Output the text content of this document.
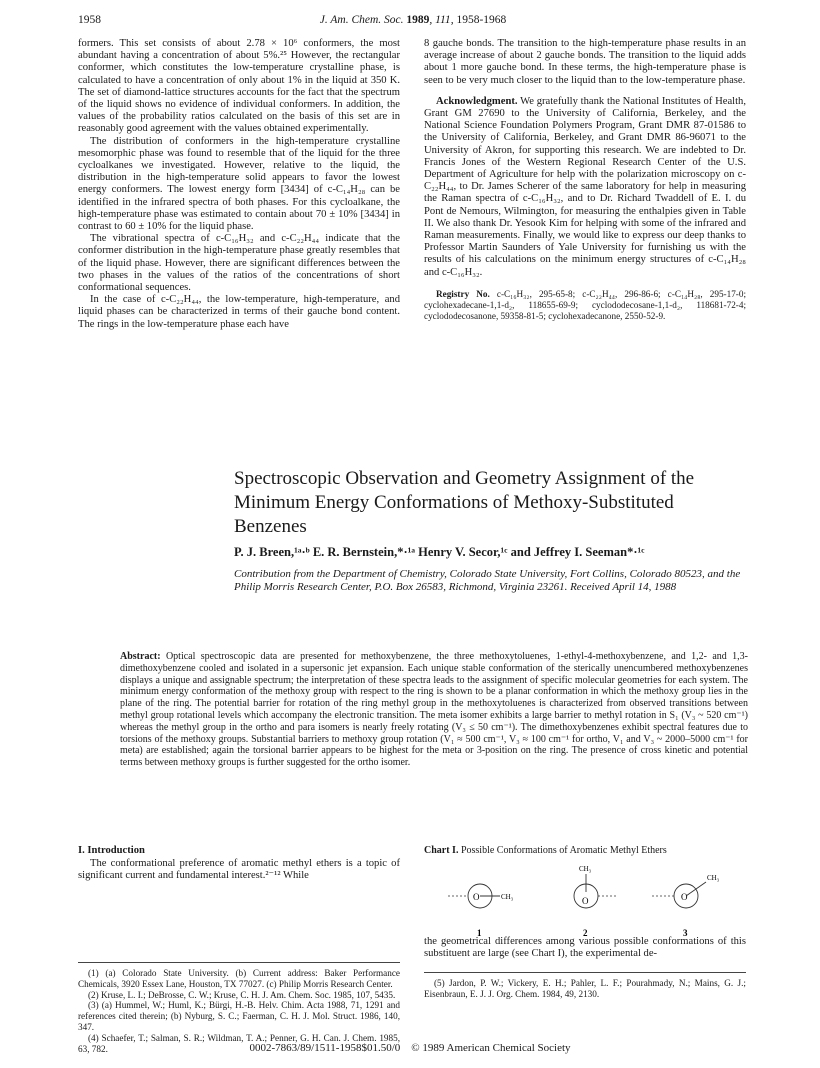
1958	J. Am. Chem. Soc. 1989, 111, 1958-1968

formers. This set consists of about 2.78 × 10⁶ conformers, the most abundant having a concentration of about 5%.²⁵ However, the rectangular conformer, which constitutes the low-temperature crystalline phase, is calculated to have a concentration of only about 1% in the liquid at 350 K. The set of diamond-lattice structures accounts for the fact that the spectrum of the liquid shows no evidence of individual conformers. In addition, the values of the probability ratios calculated on the basis of this set are in reasonably good agreement with the values obtained experimentally.

The distribution of conformers in the high-temperature crystalline mesomorphic phase was found to resemble that of the liquid for the three cycloalkanes we investigated. However, relative to the liquid, the distribution in the high-temperature solid appears to favor the lowest energy conformers. The lowest energy form [3434] of c-C₁₄H₂₈ can be identified in the infrared spectra of both phases. For this cycloalkane, the high-temperature phase was estimated to contain about 70 ± 10% [3434] in contrast to 60 ± 10% for the liquid phase.

The vibrational spectra of c-C₁₆H₃₂ and c-C₂₂H₄₄ indicate that the conformer distribution in the high-temperature phase greatly resembles that of the liquid phase. However, there are significant differences between the two phases in the values of the ratios of the concentrations of short conformational sequences.

In the case of c-C₂₂H₄₄, the low-temperature, high-temperature, and liquid phases can be characterized in terms of their gauche bond content. The rings in the low-temperature phase each have

8 gauche bonds. The transition to the high-temperature phase results in an average increase of about 2 gauche bonds. The transition to the liquid adds about 1 more gauche bond. In these terms, the high-temperature phase is seen to be very much closer to the liquid than to the low-temperature phase.

Acknowledgment. We gratefully thank the National Institutes of Health, Grant GM 27690 to the University of California, Berkeley, and the National Science Foundation Polymers Program, Grant DMR 87-01586 to the University of California, Berkeley, and Grant DMR 86-96071 to the University of Akron, for supporting this research. We are indebted to Dr. Francis Jones of the Western Regional Research Center of the U.S. Department of Agriculture for help with the polarization microscopy on c-C₂₂H₄₄, to Dr. James Scherer of the same laboratory for help in measuring the Raman spectra of c-C₁₆H₃₂, and to Dr. Richard Twaddell of E. I. du Pont de Nemours, Wilmington, for measuring the enthalpies given in Table II. We also thank Dr. Yesook Kim for helping with some of the infrared and Raman measurements. Finally, we would like to express our deep thanks to Professor Martin Saunders of Yale University for furnishing us with the results of his calculations on the minimum energy structures of c-C₁₄H₂₈ and c-C₁₆H₃₂.

Registry No. c-C₁₆H₃₂, 295-65-8; c-C₂₂H₄₄, 296-86-6; c-C₁₄H₂₈, 295-17-0; cyclohexadecane-1,1-d₂, 118655-69-9; cyclododecosane-1,1-d₂, 118681-72-4; cyclododecosanone, 59358-81-5; cyclohexadecanone, 2550-52-9.

Spectroscopic Observation and Geometry Assignment of the Minimum Energy Conformations of Methoxy-Substituted Benzenes
P. J. Breen,¹ᵃ·ᵇ E. R. Bernstein,*·¹ᵃ Henry V. Secor,¹ᶜ and Jeffrey I. Seeman*·¹ᶜ
Contribution from the Department of Chemistry, Colorado State University, Fort Collins, Colorado 80523, and the Philip Morris Research Center, P.O. Box 26583, Richmond, Virginia 23261. Received April 14, 1988
Abstract: Optical spectroscopic data are presented for methoxybenzene, the three methoxytoluenes, 1-ethyl-4-methoxybenzene, and 1,2- and 1,3-dimethoxybenzene cooled and isolated in a supersonic jet expansion. Each unique stable conformation of the sterically unencumbered methoxybenzenes displays a unique and assignable spectrum; the interpretation of these spectra leads to the assignment of specific molecular geometries for each system. The minimum energy conformation of the methoxy group with respect to the ring is shown to be a planar conformation in which the methoxy group lies in the plane of the ring. The potential barrier for rotation of the ring methyl group in the methoxytoluenes is characterized from observed transitions between methyl group rotational levels which accompany the electronic transition. The meta isomer exhibits a large barrier to methyl rotation in S₁ (V₃ ~ 520 cm⁻¹) whereas the methyl group in the ortho and para isomers is nearly freely rotating (V₃ ≤ 50 cm⁻¹). The dimethoxybenzenes exhibit spectral features due to torsions of the methoxy groups. Substantial barriers to methoxy group rotation (V₁ ≈ 500 cm⁻¹, V₃ ≈ 100 cm⁻¹ for ortho, V₁ and V₃ ~ 2000–5000 cm⁻¹ for meta) are established; again the torsional barrier appears to be highest for the meta or 3-position on the ring. The presence of cross kinetic and potential terms between methoxy groups is further suggested for the ortho isomer.
I. Introduction

The conformational preference of aromatic methyl ethers is a topic of significant current and fundamental interest.²⁻¹² While

Chart I. Possible Conformations of Aromatic Methyl Ethers
O	CH₃
CH₃
O	O
CH₃
1	2	3
the geometrical differences among various possible conformations of this substituent are large (see Chart I), the experimental de-

(1) (a) Colorado State University. (b) Current address: Baker Performance Chemicals, 3920 Essex Lane, Houston, TX 77027. (c) Philip Morris Research Center.

(2) Kruse, L. I.; DeBrosse, C. W.; Kruse, C. H. J. Am. Chem. Soc. 1985, 107, 5435.

(3) (a) Hummel, W.; Huml, K.; Bürgi, H.-B. Helv. Chim. Acta 1988, 71, 1291 and references cited therein; (b) Nyburg, S. C.; Faerman, C. H. J. Mol. Struct. 1986, 140, 347.

(4) Schaefer, T.; Salman, S. R.; Wildman, T. A.; Penner, G. H. Can. J. Chem. 1985, 63, 782.

(5) Jardon, P. W.; Vickery, E. H.; Pahler, L. F.; Pourahmady, N.; Mains, G. J.; Eisenbraun, E. J. J. Org. Chem. 1984, 49, 2130.

0002-7863/89/1511-1958$01.50/0 © 1989 American Chemical Society
